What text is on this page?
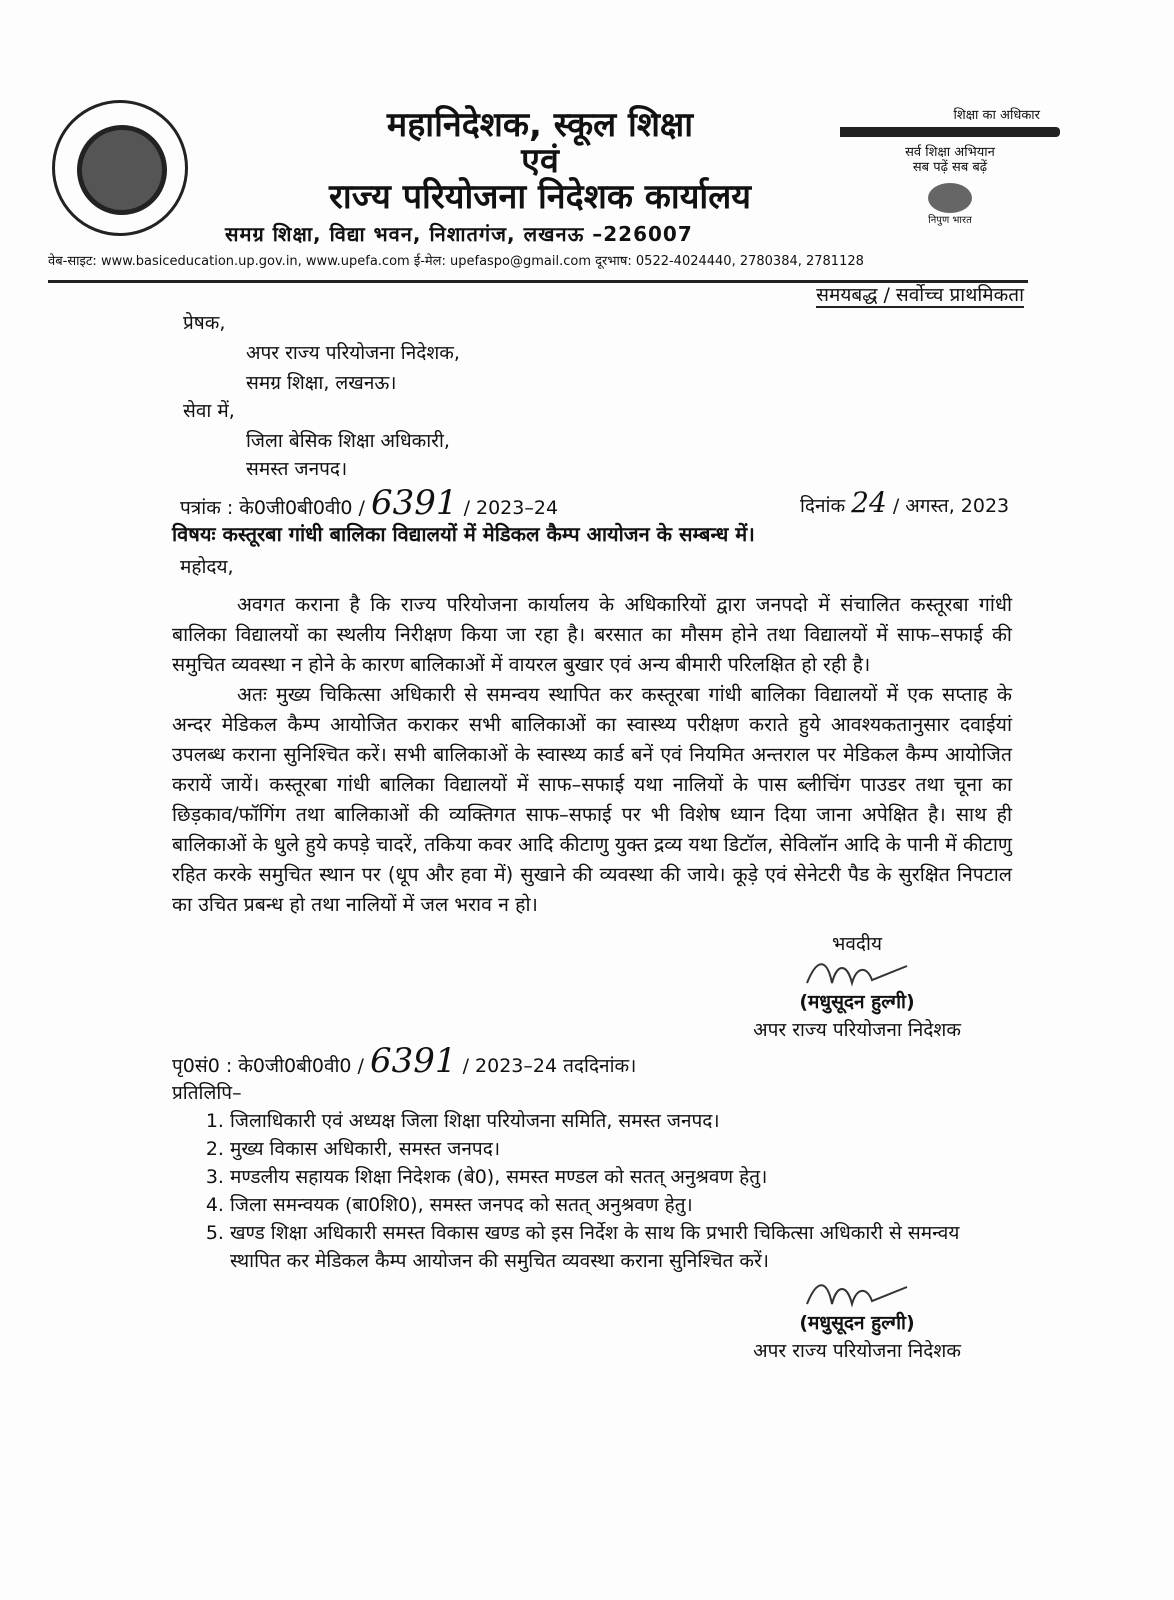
महानिदेशक, स्कूल शिक्षा
एवं
राज्य परियोजना निदेशक कार्यालय
समग्र शिक्षा, विद्या भवन, निशातगंज, लखनऊ –226007
वेब-साइट: www.basiceducation.up.gov.in, www.upefa.com ई-मेल: upefaspo@gmail.com दूरभाष: 0522-4024440, 2780384, 2781128
शिक्षा का अधिकार
सर्व शिक्षा अभियान
सब पढ़ें सब बढ़ें
निपुण भारत
समयबद्ध / सर्वोच्च प्राथमिकता
प्रेषक,
अपर राज्य परियोजना निदेशक,
समग्र शिक्षा, लखनऊ।
सेवा में,
जिला बेसिक शिक्षा अधिकारी,
समस्त जनपद।
पत्रांक : के0जी0बी0वी0 / 6391 / 2023–24	दिनांक 24 / अगस्त, 2023
विषयः कस्तूरबा गांधी बालिका विद्यालयों में मेडिकल कैम्प आयोजन के सम्बन्ध में।
महोदय,

अवगत कराना है कि राज्य परियोजना कार्यालय के अधिकारियों द्वारा जनपदो में संचालित कस्तूरबा गांधी बालिका विद्यालयों का स्थलीय निरीक्षण किया जा रहा है। बरसात का मौसम होने तथा विद्यालयों में साफ–सफाई की समुचित व्यवस्था न होने के कारण बालिकाओं में वायरल बुखार एवं अन्य बीमारी परिलक्षित हो रही है।

अतः मुख्य चिकित्सा अधिकारी से समन्वय स्थापित कर कस्तूरबा गांधी बालिका विद्यालयों में एक सप्ताह के अन्दर मेडिकल कैम्प आयोजित कराकर सभी बालिकाओं का स्वास्थ्य परीक्षण कराते हुये आवश्यकतानुसार दवाईयां उपलब्ध कराना सुनिश्चित करें। सभी बालिकाओं के स्वास्थ्य कार्ड बनें एवं नियमित अन्तराल पर मेडिकल कैम्प आयोजित करायें जायें। कस्तूरबा गांधी बालिका विद्यालयों में साफ–सफाई यथा नालियों के पास ब्लीचिंग पाउडर तथा चूना का छिड़काव/फॉगिंग तथा बालिकाओं की व्यक्तिगत साफ–सफाई पर भी विशेष ध्यान दिया जाना अपेक्षित है। साथ ही बालिकाओं के धुले हुये कपड़े चादरें, तकिया कवर आदि कीटाणु युक्त द्रव्य यथा डिटॉल, सेविलॉन आदि के पानी में कीटाणु रहित करके समुचित स्थान पर (धूप और हवा में) सुखाने की व्यवस्था की जाये। कूड़े एवं सेनेटरी पैड के सुरक्षित निपटाल का उचित प्रबन्ध हो तथा नालियों में जल भराव न हो।

भवदीय
(मधुसूदन हुल्गी)
अपर राज्य परियोजना निदेशक
पृ0सं0 : के0जी0बी0वी0 / 6391 / 2023–24 तददिनांक।
प्रतिलिपि–
1. जिलाधिकारी एवं अध्यक्ष जिला शिक्षा परियोजना समिति, समस्त जनपद।
2. मुख्य विकास अधिकारी, समस्त जनपद।
3. मण्डलीय सहायक शिक्षा निदेशक (बे0), समस्त मण्डल को सतत् अनुश्रवण हेतु।
4. जिला समन्वयक (बा0शि0), समस्त जनपद को सतत् अनुश्रवण हेतु।
5. खण्ड शिक्षा अधिकारी समस्त विकास खण्ड को इस निर्देश के साथ कि प्रभारी चिकित्सा अधिकारी से समन्वय स्थापित कर मेडिकल कैम्प आयोजन की समुचित व्यवस्था कराना सुनिश्चित करें।
(मधुसूदन हुल्गी)
अपर राज्य परियोजना निदेशक
